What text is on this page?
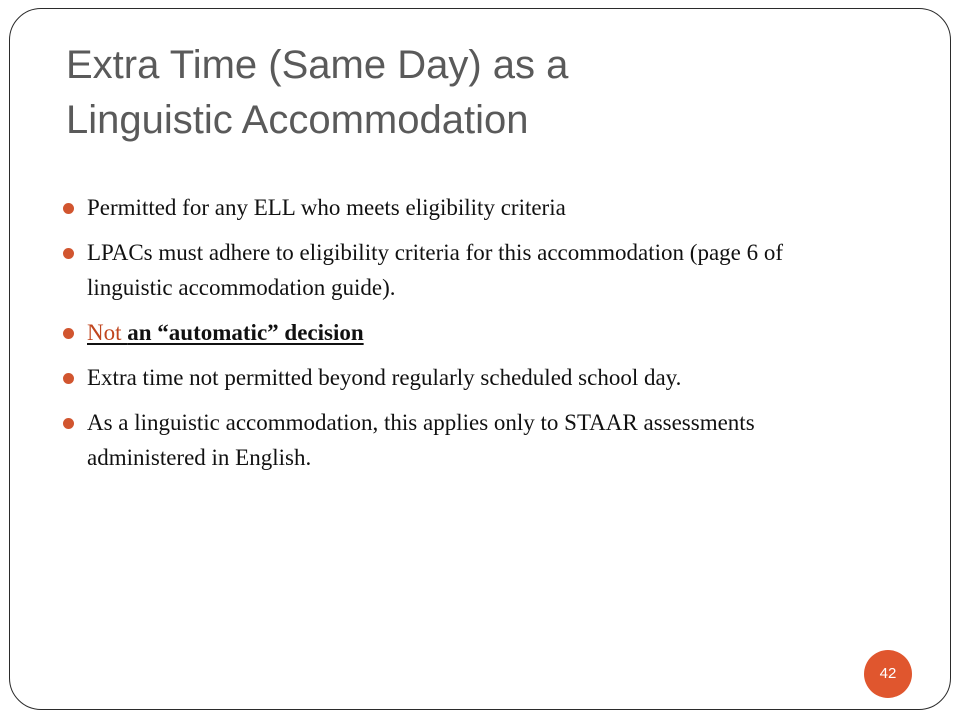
Extra Time (Same Day) as a
Linguistic Accommodation
Permitted for any ELL who meets eligibility criteria
LPACs must adhere to eligibility criteria for this accommodation (page 6 of linguistic accommodation guide).
Not an “automatic” decision
Extra time not permitted beyond regularly scheduled school day.
As a linguistic accommodation, this applies only to STAAR assessments administered in English.
42
